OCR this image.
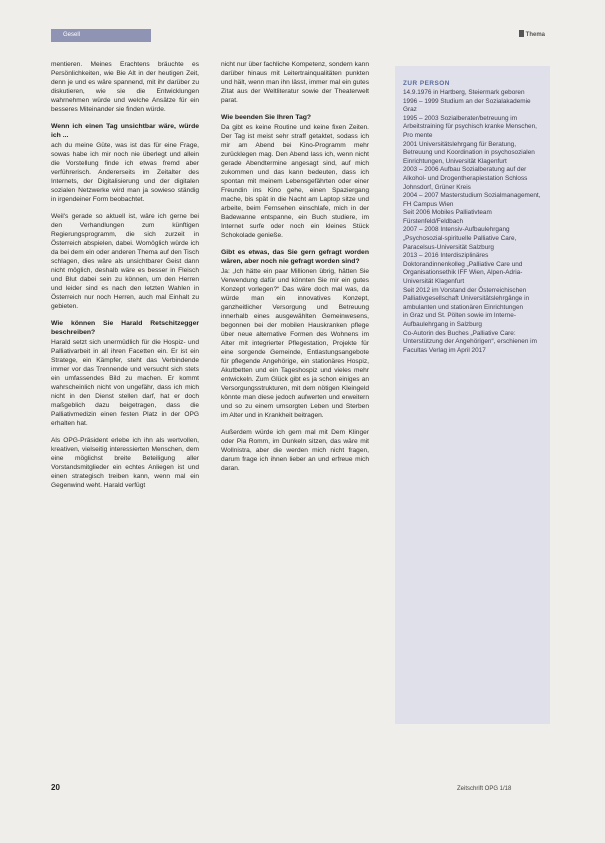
Gesell	Thema

mentieren. Meines Erachtens bräuchte es Persönlichkeiten, wie Bie Alt in der heutigen Zeit, denn je und es wäre spannend, mit ihr darüber zu diskutieren, wie sie die Entwicklungen wahrnehmen würde und welche Ansätze für ein besseres Miteinander sie finden würde.

Wenn ich einen Tag unsichtbar wäre, würde ich ...

ach du meine Güte, was ist das für eine Frage, sowas habe ich mir noch nie überlegt und allein die Vorstellung finde ich etwas fremd aber verführerisch. Andererseits im Zeitalter des Internets, der Digitalisierung und der digitalen sozialen Netzwerke wird man ja sowieso ständig in irgendeiner Form beobachtet.

Weil's gerade so aktuell ist, wäre ich gerne bei den Verhandlungen zum künftigen Regierungsprogramm, die sich zurzeit in Österreich abspielen, dabei. Womöglich würde ich da bei dem ein oder anderen Thema auf den Tisch schlagen, dies wäre als unsichtbarer Geist dann nicht möglich, deshalb wäre es besser in Fleisch und Blut dabei sein zu können, um den Herren und leider sind es nach den letzten Wahlen in Österreich nur noch Herren, auch mal Einhalt zu gebieten.

Wie können Sie Harald Retschitzegger beschreiben?

Harald setzt sich unermüdlich für die Hospiz- und Palliativarbeit in all ihren Facetten ein. Er ist ein Stratege, ein Kämpfer, steht das Verbindende immer vor das Trennende und versucht sich stets ein umfassendes Bild zu machen. Er kommt wahrscheinlich nicht von ungefähr, dass ich mich nicht in den Dienst stellen darf, hat er doch maßgeblich dazu beigetragen, dass die Palliativmedizin einen festen Platz in der OPG erhalten hat.

Als OPG-Präsident erlebe ich ihn als wertvollen, kreativen, vielseitig interessierten Menschen, dem eine möglichst breite Beteiligung aller Vorstandsmitglieder ein echtes Anliegen ist und einen strategisch treiben kann, wenn mal ein Gegenwind weht. Harald verfügt

nicht nur über fachliche Kompetenz, sondern kann darüber hinaus mit Leitertrainqualitäten punkten und hält, wenn man ihn lässt, immer mal ein gutes Zitat aus der Weltliteratur sowie der Theaterwelt parat.

Wie beenden Sie Ihren Tag?

Da gibt es keine Routine und keine fixen Zeiten. Der Tag ist meist sehr straff getaktet, sodass ich mir am Abend bei Kino-Programm mehr zurücklegen mag. Den Abend lass ich, wenn nicht gerade Abendtermine angesagt sind, auf mich zukommen und das kann bedeuten, dass ich spontan mit meinem Lebensgefährten oder einer Freundin ins Kino gehe, einen Spaziergang mache, bis spät in die Nacht am Laptop sitze und arbeite, beim Fernsehen einschlafe, mich in der Badewanne entspanne, ein Buch studiere, im Internet surfe oder noch ein kleines Stück Schokolade genieße.

Gibt es etwas, das Sie gern gefragt worden wären, aber noch nie gefragt worden sind?

Ja: „Ich hätte ein paar Millionen übrig, hätten Sie Verwendung dafür und könnten Sie mir ein gutes Konzept vorlegen?“ Das wäre doch mal was, da würde man ein innovatives Konzept, ganzheitlicher Versorgung und Betreuung innerhalb eines ausgewählten Gemeinwesens, begonnen bei der mobilen Hauskranken pflege über neue alternative Formen des Wohnens im Alter mit integrierter Pflegestation, Projekte für eine sorgende Gemeinde, Entlastungsangebote für pflegende Angehörige, ein stationäres Hospiz, Akutbetten und ein Tageshospiz und vieles mehr entwickeln. Zum Glück gibt es ja schon einiges an Versorgungsstrukturen, mit dem nötigen Kleingeld könnte man diese jedoch aufwerten und erweitern und so zu einem umsorgten Leben und Sterben im Alter und in Krankheit beitragen.

Außerdem würde ich gern mal mit Dem Klinger oder Pia Romm, im Dunkeln sitzen, das wäre mit Wollnistra, aber die werden mich nicht fragen, darum frage ich ihnen lieber an und erfreue mich daran.

ZUR PERSON

14.9.1976 in Hartberg, Steiermark geboren

1996 – 1999 Studium an der Sozialakademie Graz

1995 – 2003 Sozialberater/betreuung im Arbeitstraining für psychisch kranke Menschen, Pro mente

2001 Universitätslehrgang für Beratung, Betreuung und Koordination in psychosozialen Einrichtungen, Universität Klagenfurt

2003 – 2006 Aufbau Sozialberatung auf der Alkohol- und Drogentherapiestation Schloss Johnsdorf, Grüner Kreis

2004 – 2007 Masterstudium Sozialmanagement, FH Campus Wien

Seit 2006 Mobiles Palliativteam Fürstenfeld/Feldbach

2007 – 2008 Intensiv-Aufbaulehrgang „Psychosozial-spirituelle Palliative Care, Paracelsus-Universität Salzburg

2013 – 2016 Interdisziplinäres Doktorandinnenkolleg „Palliative Care und Organisationsethik IFF Wien, Alpen-Adria-Universität Klagenfurt

Seit 2012 im Vorstand der Österreichischen Palliativgesellschaft Universitätslehrgänge in ambulanten und stationären Einrichtungen

in Graz und St. Pölten sowie im Interne-Aufbaulehrgang in Salzburg

Co-Autorin des Buches „Palliative Care: Unterstützung der Angehörigen“, erschienen im Facultas Verlag im April 2017

20	Zeitschrift OPG 1/18
